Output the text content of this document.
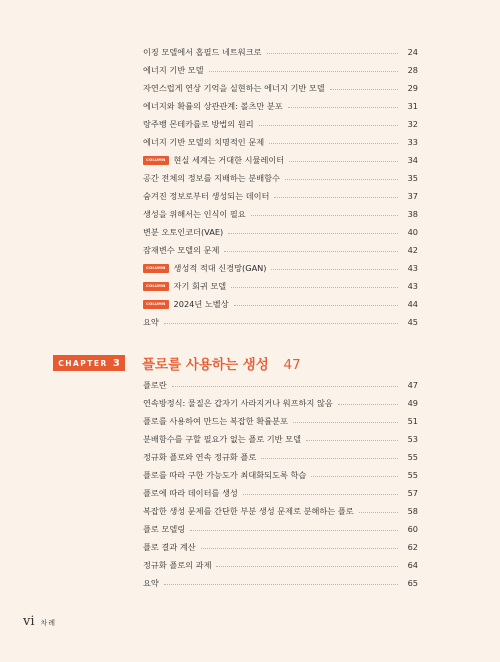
이징 모델에서 홉필드 네트워크로	24
에너지 기반 모델	28
자연스럽게 연상 기억을 실현하는 에너지 기반 모델	29
에너지와 확률의 상관관계: 볼츠만 분포	31
랑주뱅 몬테카를로 방법의 원리	32
에너지 기반 모델의 치명적인 문제	33
COLUMN 현실 세계는 거대한 시뮬레이터	34
공간 전체의 정보를 지배하는 분배함수	35
숨겨진 정보로부터 생성되는 데이터	37
생성을 위해서는 인식이 필요	38
변분 오토인코더(VAE)	40
잠재변수 모델의 문제	42
COLUMN 생성적 적대 신경망(GAN)	43
COLUMN 자기 회귀 모델	43
COLUMN 2024년 노벨상	44
요약	45
CHAPTER 3 플로를 사용하는 생성 47
플로란	47
연속방정식: 물질은 갑자기 사라지거나 워프하지 않음	49
플로를 사용하여 만드는 복잡한 확률분포	51
분배함수를 구할 필요가 없는 플로 기반 모델	53
정규화 플로와 연속 정규화 플로	55
플로를 따라 구한 가능도가 최대화되도록 학습	55
플로에 따라 데이터를 생성	57
복잡한 생성 문제를 간단한 부분 생성 문제로 분해하는 플로	58
플로 모델링	60
플로 결과 계산	62
정규화 플로의 과제	64
요약	65
vi 차례
